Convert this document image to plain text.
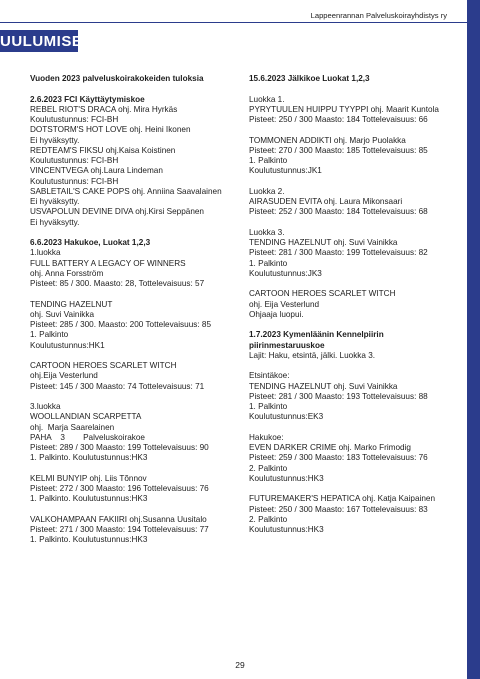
Lappeenrannan Palveluskoirayhdistys ry
UULUMISET
Vuoden 2023 palveluskoirakokeiden tuloksia
2.6.2023 FCI Käyttäytymiskoe
REBEL RIOT'S DRACA ohj. Mira Hyrkäs
Koulutustunnus: FCI-BH
DOTSTORM'S HOT LOVE ohj. Heini Ikonen
Ei hyväksytty.
REDTEAM'S FIKSU ohj.Kaisa Koistinen
Koulutustunnus: FCI-BH
VINCENTVEGA ohj.Laura Lindeman
Koulutustunnus: FCI-BH
SABLETAIL'S CAKE POPS ohj. Anniina Saavalainen
Ei hyväksytty.
USVAPOLUN DEVINE DIVA ohj.Kirsi Seppänen
Ei hyväksytty.
6.6.2023 Hakukoe, Luokat 1,2,3
1.luokka
FULL BATTERY A LEGACY OF WINNERS
ohj. Anna Forsström
Pisteet: 85 / 300. Maasto: 28, Tottelevaisuus: 57
TENDING HAZELNUT
ohj. Suvi Vainikka
Pisteet: 285 / 300. Maasto: 200 Tottelevaisuus: 85
1. Palkinto
Koulutustunnus:HK1
CARTOON HEROES SCARLET WITCH
ohj.Eija Vesterlund
Pisteet: 145 / 300 Maasto: 74 Tottelevaisuus: 71
3.luokka
WOOLLANDIAN SCARPETTA
ohj.  Marja Saarelainen
PAHA    3        Palveluskoirakoe
Pisteet: 289 / 300 Maasto: 199 Tottelevaisuus: 90
1. Palkinto. Koulutustunnus:HK3
KELMI BUNYIP ohj. Liis Tõnnov
Pisteet: 272 / 300 Maasto: 196 Tottelevaisuus: 76
1. Palkinto. Koulutustunnus:HK3
VALKOHAMPAAN FAKIIRI ohj.Susanna Uusitalo
Pisteet: 271 / 300 Maasto: 194 Tottelevaisuus: 77
1. Palkinto. Koulutustunnus:HK3
15.6.2023 Jälkikoe Luokat 1,2,3
Luokka 1.
PYRYTUULEN HUIPPU TYYPPI ohj. Maarit Kuntola
Pisteet: 250 / 300 Maasto: 184 Tottelevaisuus: 66
TOMMONEN ADDIKTI ohj. Marjo Puolakka
Pisteet: 270 / 300 Maasto: 185 Tottelevaisuus: 85
1. Palkinto
Koulutustunnus:JK1
Luokka 2.
AIRASUDEN EVITA ohj. Laura Mikonsaari
Pisteet: 252 / 300 Maasto: 184 Tottelevaisuus: 68
Luokka 3.
TENDING HAZELNUT ohj. Suvi Vainikka
Pisteet: 281 / 300 Maasto: 199 Tottelevaisuus: 82
1. Palkinto
Koulutustunnus:JK3
CARTOON HEROES SCARLET WITCH
ohj. Eija Vesterlund
Ohjaaja luopui.
1.7.2023 Kymenläänin Kennelpiirin
piirinmestaruuskoe
Lajit: Haku, etsintä, jälki. Luokka 3.
Etsintäkoe:
TENDING HAZELNUT ohj. Suvi Vainikka
Pisteet: 281 / 300 Maasto: 193 Tottelevaisuus: 88
1. Palkinto
Koulutustunnus:EK3
Hakukoe:
EVEN DARKER CRIME ohj. Marko Frimodig
Pisteet: 259 / 300 Maasto: 183 Tottelevaisuus: 76
2. Palkinto
Koulutustunnus:HK3
FUTUREMAKER'S HEPATICA ohj. Katja Kaipainen
Pisteet: 250 / 300 Maasto: 167 Tottelevaisuus: 83
2. Palkinto
Koulutustunnus:HK3
29
